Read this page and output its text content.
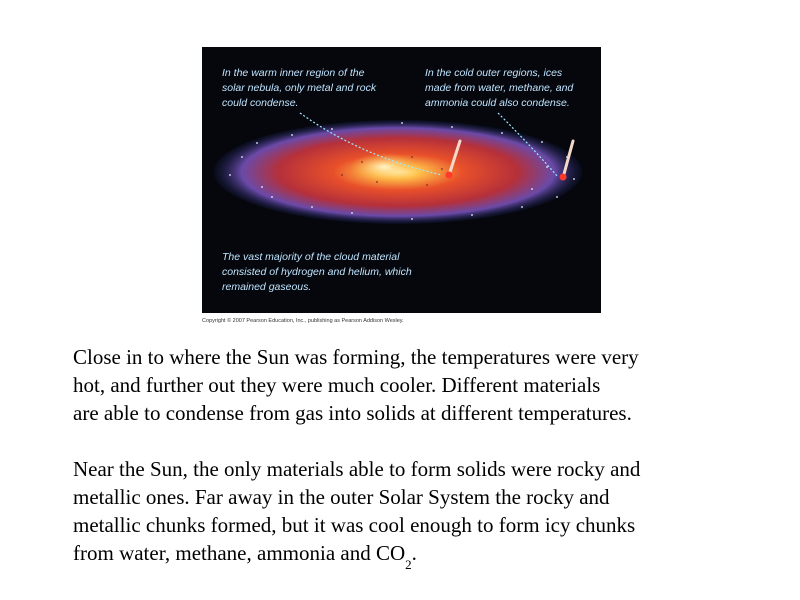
In the warm inner region of the
solar nebula, only metal and rock
could condense.
In the cold outer regions, ices
made from water, methane, and
ammonia could also condense.
The vast majority of the cloud material
consisted of hydrogen and helium, which
remained gaseous.
Copyright © 2007 Pearson Education, Inc., publishing as Pearson Addison Wesley.

Close in to where the Sun was forming, the temperatures were very
hot, and further out they were much cooler. Different materials
are able to condense from gas into solids at different temperatures.

Near the Sun, the only materials able to form solids were rocky and
metallic ones. Far away in the outer Solar System the rocky and
metallic chunks formed, but it was cool enough to form icy chunks
from water, methane, ammonia and $CO_2$.
